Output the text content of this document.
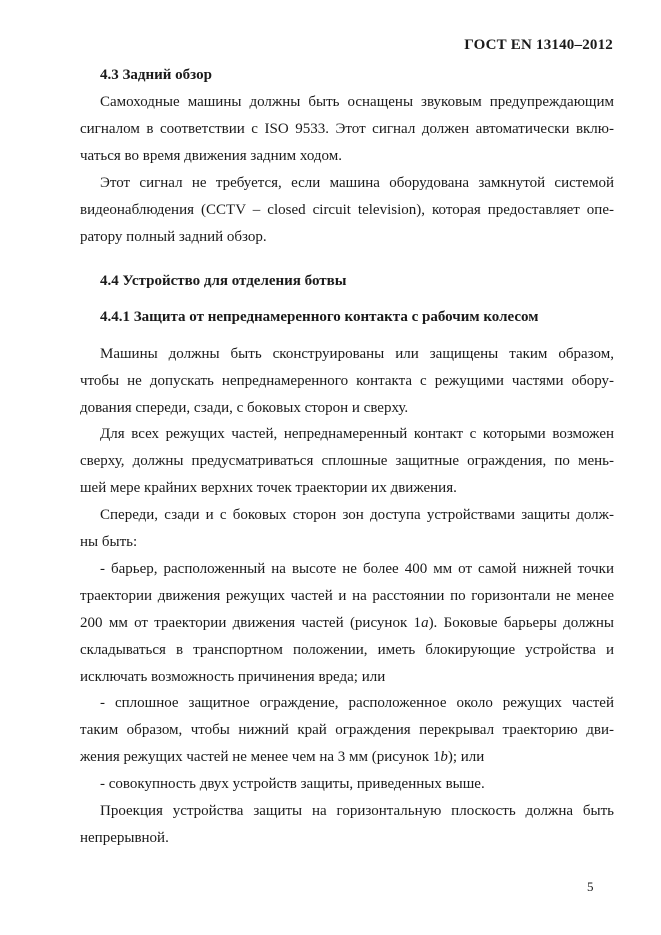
ГОСТ EN 13140–2012
4.3 Задний обзор
Самоходные машины должны быть оснащены звуковым предупреждающим
сигналом в соответствии с ISO 9533. Этот сигнал должен автоматически вклю-
чаться во время движения задним ходом.
Этот сигнал не требуется, если машина оборудована замкнутой системой
видеонаблюдения (CCTV – closed circuit television), которая предоставляет опе-
ратору полный задний обзор.
4.4 Устройство для отделения ботвы
4.4.1 Защита от непреднамеренного контакта с рабочим колесом
Машины должны быть сконструированы или защищены таким образом,
чтобы не допускать непреднамеренного контакта с режущими частями обору-
дования спереди, сзади, с боковых сторон и сверху.
Для всех режущих частей, непреднамеренный контакт с которыми возможен
сверху, должны предусматриваться сплошные защитные ограждения, по мень-
шей мере крайних верхних точек траектории их движения.
Спереди, сзади и с боковых сторон зон доступа устройствами защиты долж-
ны быть:
- барьер, расположенный на высоте не более 400 мм от самой нижней точки
траектории движения режущих частей и на расстоянии по горизонтали не менее
200 мм от траектории движения частей (рисунок 1a). Боковые барьеры должны
складываться в транспортном положении, иметь блокирующие устройства и
исключать возможность причинения вреда; или
- сплошное защитное ограждение, расположенное около режущих частей
таким образом, чтобы нижний край ограждения перекрывал траекторию дви-
жения режущих частей не менее чем на 3 мм (рисунок 1b); или
- совокупность двух устройств защиты, приведенных выше.
Проекция устройства защиты на горизонтальную плоскость должна быть
непрерывной.
5
